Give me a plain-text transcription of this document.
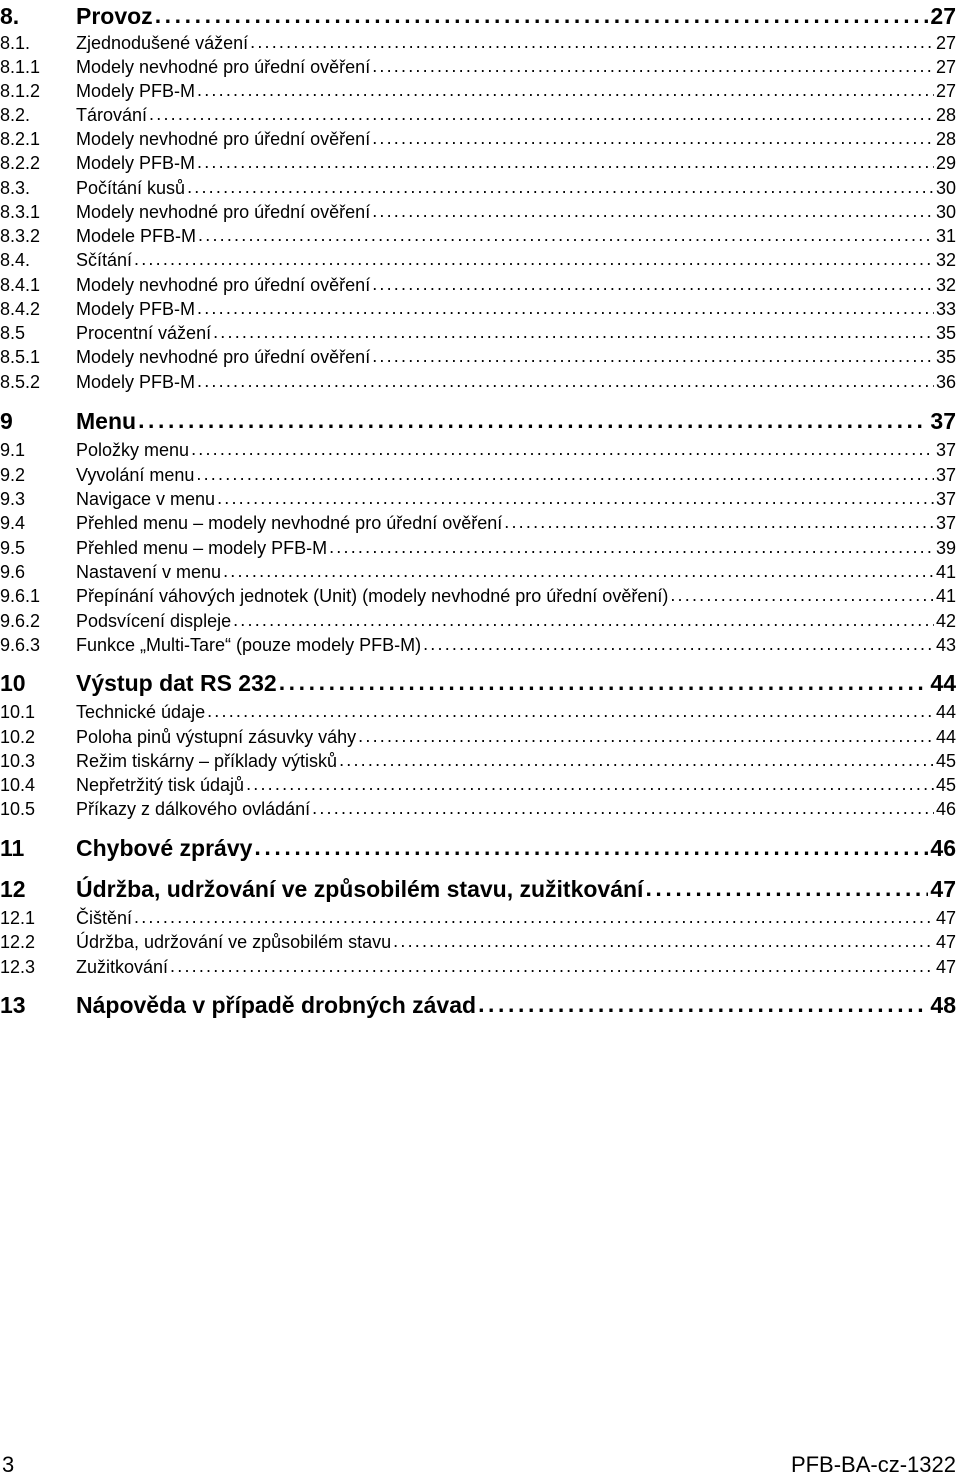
8.	Provoz . . .	27
8.1.	Zjednodušené vážení . . .	27
8.1.1	Modely nevhodné pro úřední ověření . . .	27
8.1.2	Modely PFB-M . . .	27
8.2.	Tárování . . .	28
8.2.1	Modely nevhodné pro úřední ověření . . .	28
8.2.2	Modely PFB-M . . .	29
8.3.	Počítání kusů . . .	30
8.3.1	Modely nevhodné pro úřední ověření . . .	30
8.3.2	Modele PFB-M . . .	31
8.4.	Sčítání . . .	32
8.4.1	Modely nevhodné pro úřední ověření . . .	32
8.4.2	Modely PFB-M . . .	33
8.5	Procentní vážení . . .	35
8.5.1	Modely nevhodné pro úřední ověření . . .	35
8.5.2	Modely PFB-M . . .	36
9	Menu . . .	37
9.1	Položky menu . . .	37
9.2	Vyvolání menu . . .	37
9.3	Navigace v menu . . .	37
9.4	Přehled menu – modely nevhodné pro úřední ověření . . .	37
9.5	Přehled menu – modely PFB-M . . .	39
9.6	Nastavení v menu . . .	41
9.6.1	Přepínání váhových jednotek (Unit) (modely nevhodné pro úřední ověření) . . .	41
9.6.2	Podsvícení displeje . . .	42
9.6.3	Funkce „Multi-Tare“ (pouze modely PFB-M) . . .	43
10	Výstup dat RS 232 . . .	44
10.1	Technické údaje . . .	44
10.2	Poloha pinů výstupní zásuvky váhy . . .	44
10.3	Režim tiskárny – příklady výtisků . . .	45
10.4	Nepřetržitý tisk údajů . . .	45
10.5	Příkazy z dálkového ovládání . . .	46
11	Chybové zprávy . . .	46
12	Údržba, udržování ve způsobilém stavu, zužitkování . . .	47
12.1	Čištění . . .	47
12.2	Údržba, udržování ve způsobilém stavu . . .	47
12.3	Zužitkování . . .	47
13	Nápověda v případě drobných závad . . .	48
3	PFB-BA-cz-1322
